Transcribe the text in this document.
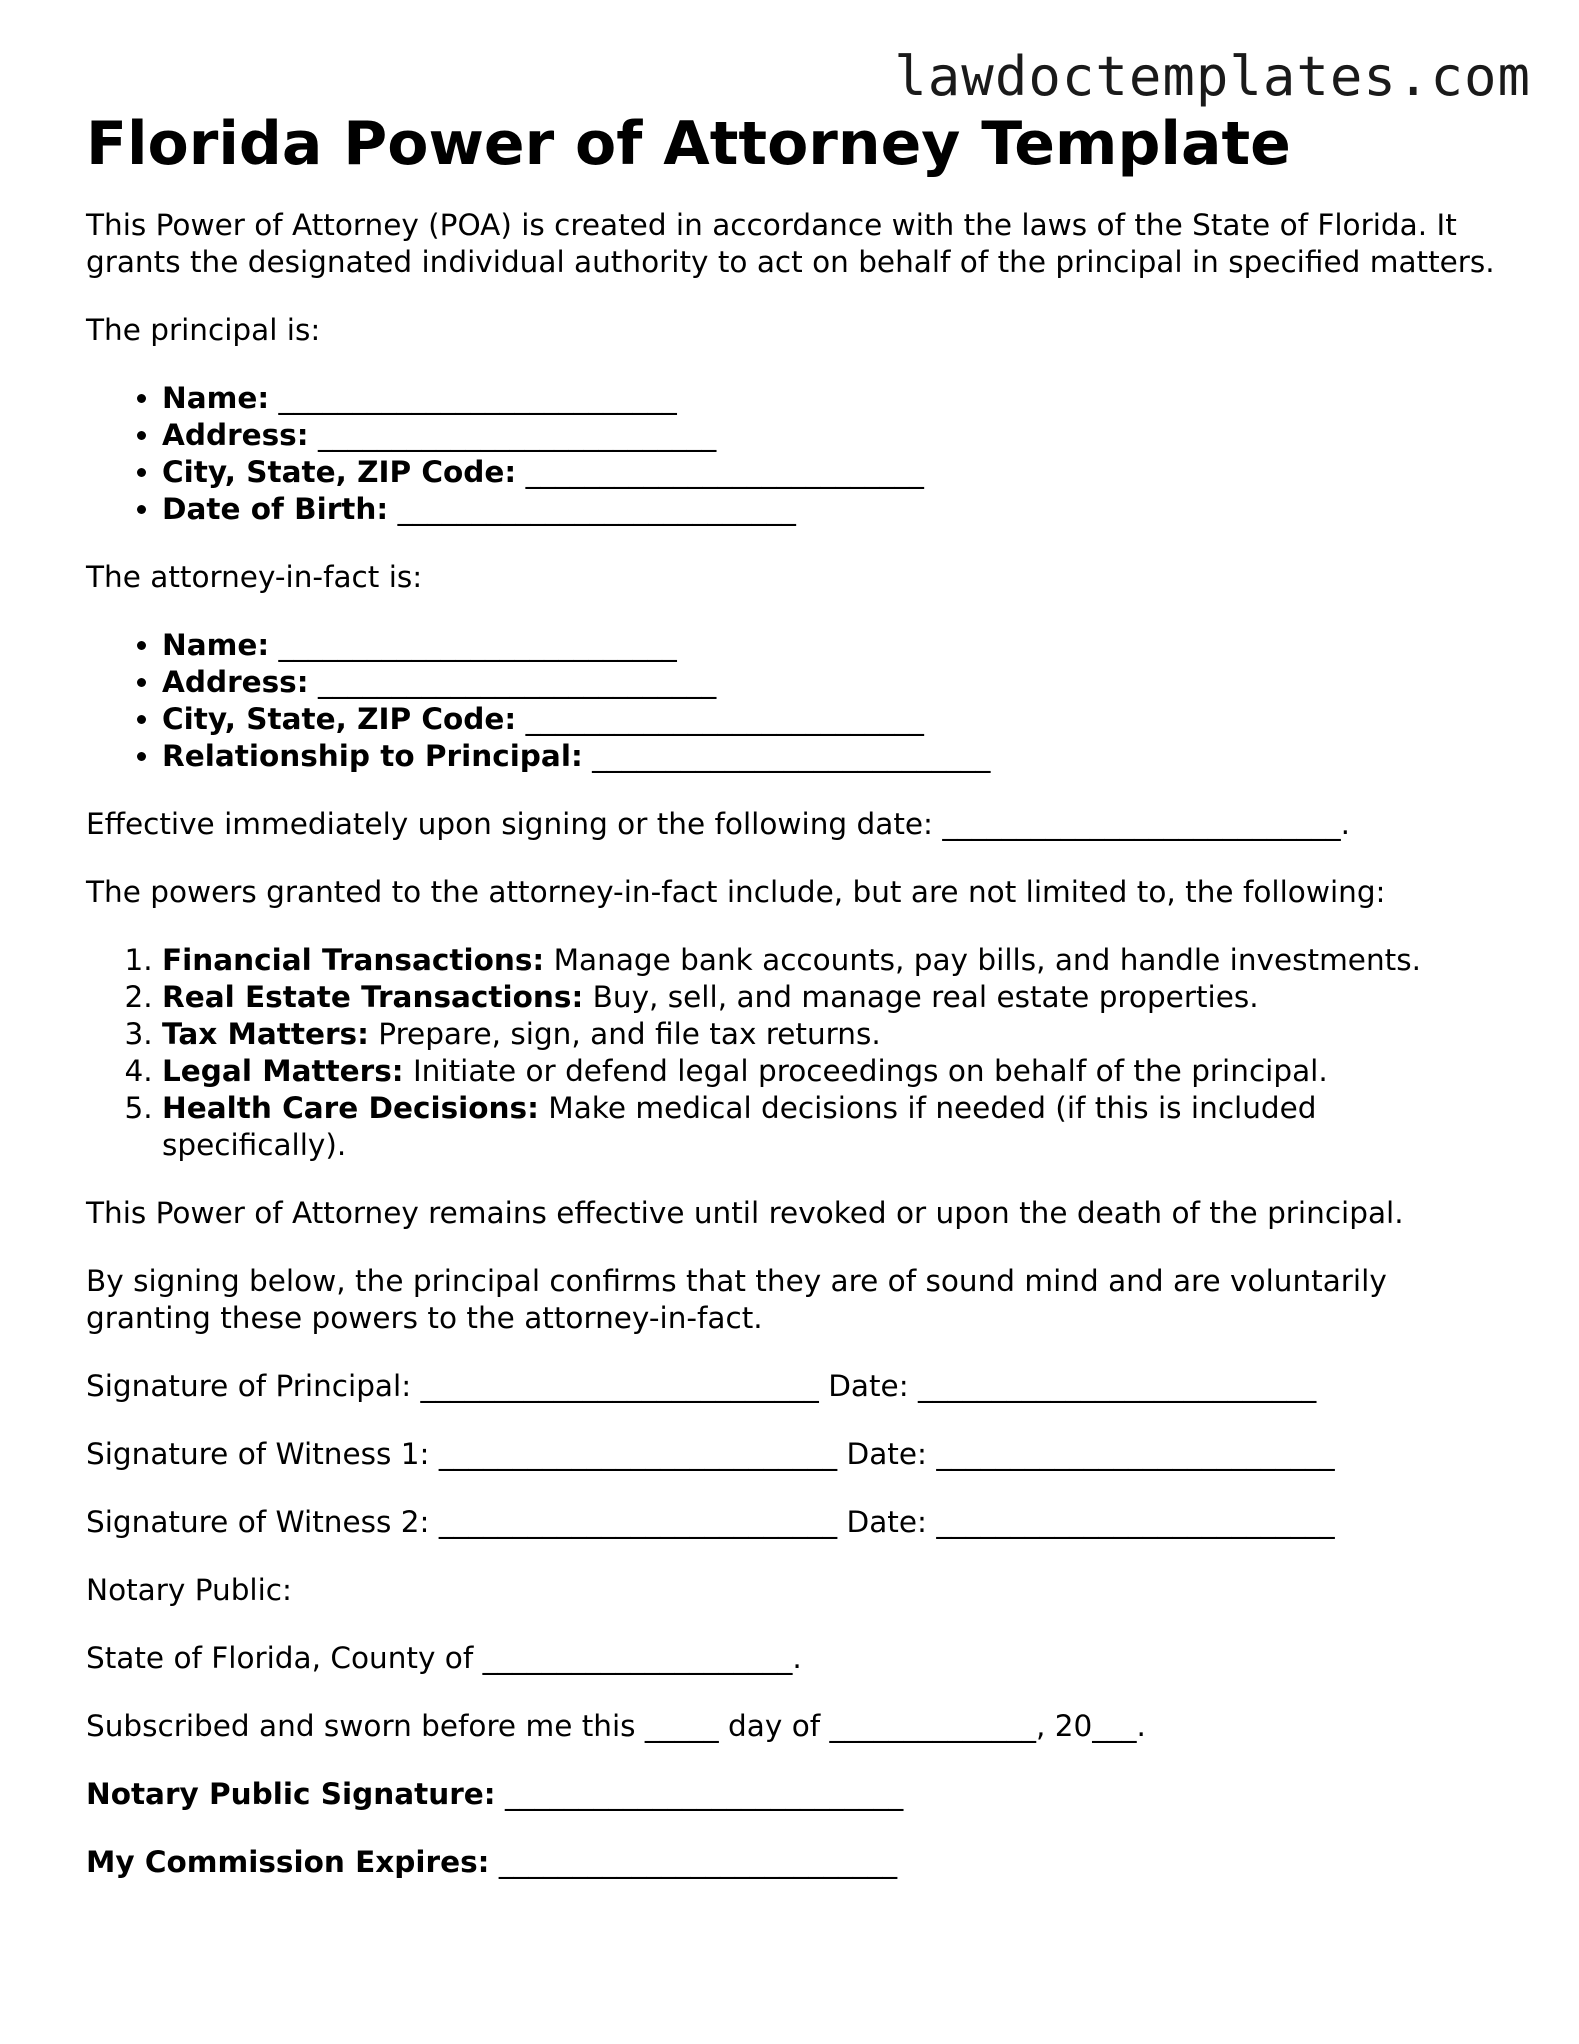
lawdoctemplates.com
Florida Power of Attorney Template

This Power of Attorney (POA) is created in accordance with the laws of the State of Florida. It grants the designated individual authority to act on behalf of the principal in specified matters.

The principal is:

• Name: ___________________________
• Address: ___________________________
• City, State, ZIP Code: ___________________________
• Date of Birth: ___________________________

The attorney-in-fact is:

• Name: ___________________________
• Address: ___________________________
• City, State, ZIP Code: ___________________________
• Relationship to Principal: ___________________________

Effective immediately upon signing or the following date: ___________________________.

The powers granted to the attorney-in-fact include, but are not limited to, the following:

1. Financial Transactions: Manage bank accounts, pay bills, and handle investments.
2. Real Estate Transactions: Buy, sell, and manage real estate properties.
3. Tax Matters: Prepare, sign, and file tax returns.
4. Legal Matters: Initiate or defend legal proceedings on behalf of the principal.
5. Health Care Decisions: Make medical decisions if needed (if this is included specifically).

This Power of Attorney remains effective until revoked or upon the death of the principal.

By signing below, the principal confirms that they are of sound mind and are voluntarily granting these powers to the attorney-in-fact.

Signature of Principal: ___________________________ Date: ___________________________

Signature of Witness 1: ___________________________ Date: ___________________________

Signature of Witness 2: ___________________________ Date: ___________________________

Notary Public:

State of Florida, County of _____________________.

Subscribed and sworn before me this _____ day of ______________, 20___.

Notary Public Signature: ___________________________

My Commission Expires: ___________________________
